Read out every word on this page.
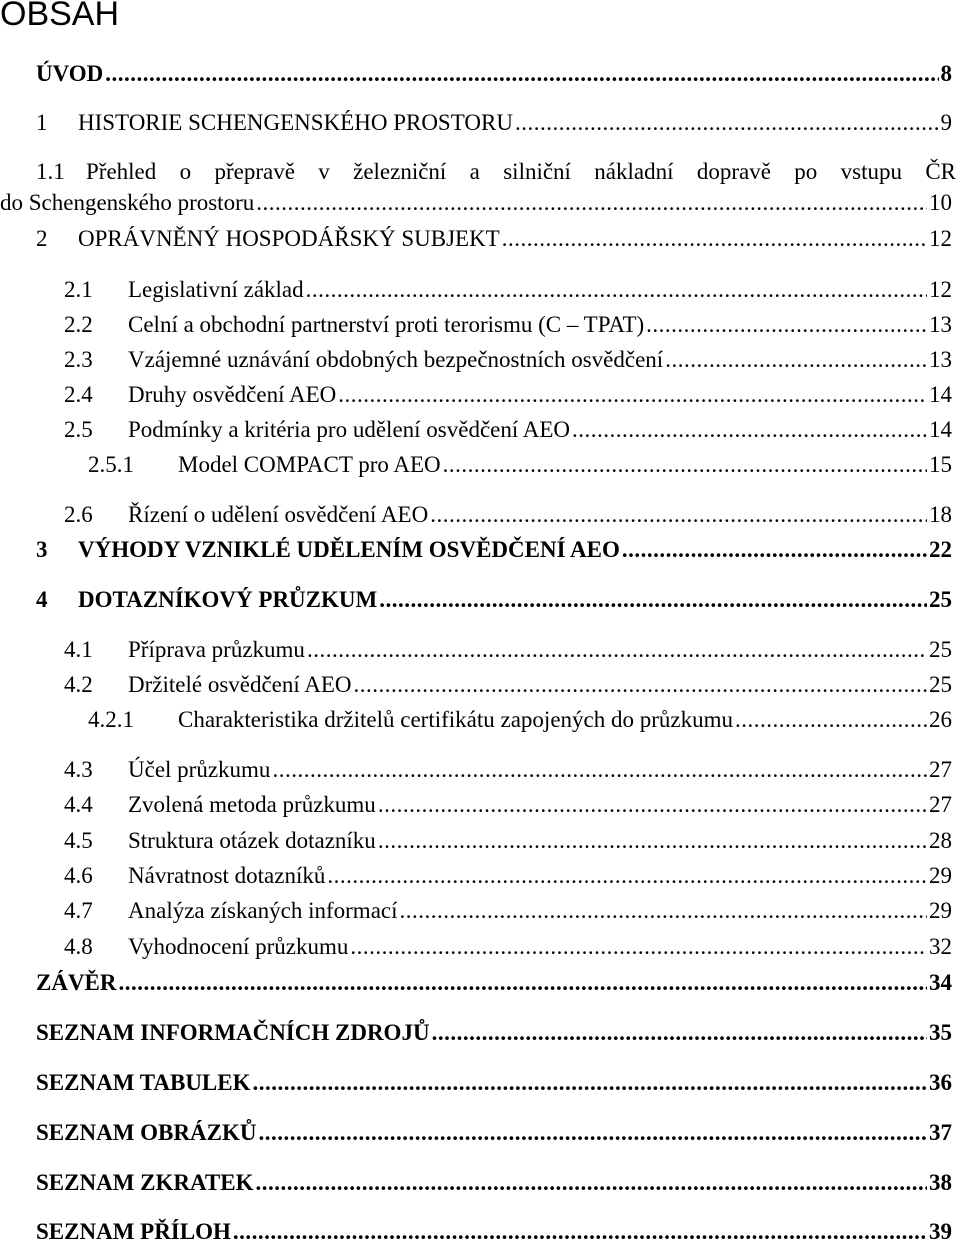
OBSAH
ÚVOD .....	8
1	HISTORIE SCHENGENSKÉHO PROSTORU .....	9
1.1 Přehled o přepravě v železniční a silniční nákladní dopravě po vstupu ČR
do Schengenského prostoru .....	10
2	OPRÁVNĚNÝ HOSPODÁŘSKÝ SUBJEKT .....	12
2.1	Legislativní základ .....	12
2.2	Celní a obchodní partnerství proti terorismu (C – TPAT) .....	13
2.3	Vzájemné uznávání obdobných bezpečnostních osvědčení .....	13
2.4	Druhy osvědčení AEO .....	14
2.5	Podmínky a kritéria pro udělení osvědčení AEO .....	14
2.5.1	Model COMPACT pro AEO .....	15
2.6	Řízení o udělení osvědčení AEO .....	18
3	VÝHODY VZNIKLÉ UDĚLENÍM OSVĚDČENÍ AEO .....	22
4	DOTAZNÍKOVÝ PRŮZKUM .....	25
4.1	Příprava průzkumu .....	25
4.2	Držitelé osvědčení AEO .....	25
4.2.1	Charakteristika držitelů certifikátu zapojených do průzkumu .....	26
4.3	Účel průzkumu .....	27
4.4	Zvolená metoda průzkumu .....	27
4.5	Struktura otázek dotazníku .....	28
4.6	Návratnost dotazníků .....	29
4.7	Analýza získaných informací .....	29
4.8	Vyhodnocení průzkumu .....	32
ZÁVĚR .....	34
SEZNAM INFORMAČNÍCH ZDROJŮ .....	35
SEZNAM TABULEK .....	36
SEZNAM OBRÁZKŮ .....	37
SEZNAM ZKRATEK .....	38
SEZNAM PŘÍLOH .....	39
